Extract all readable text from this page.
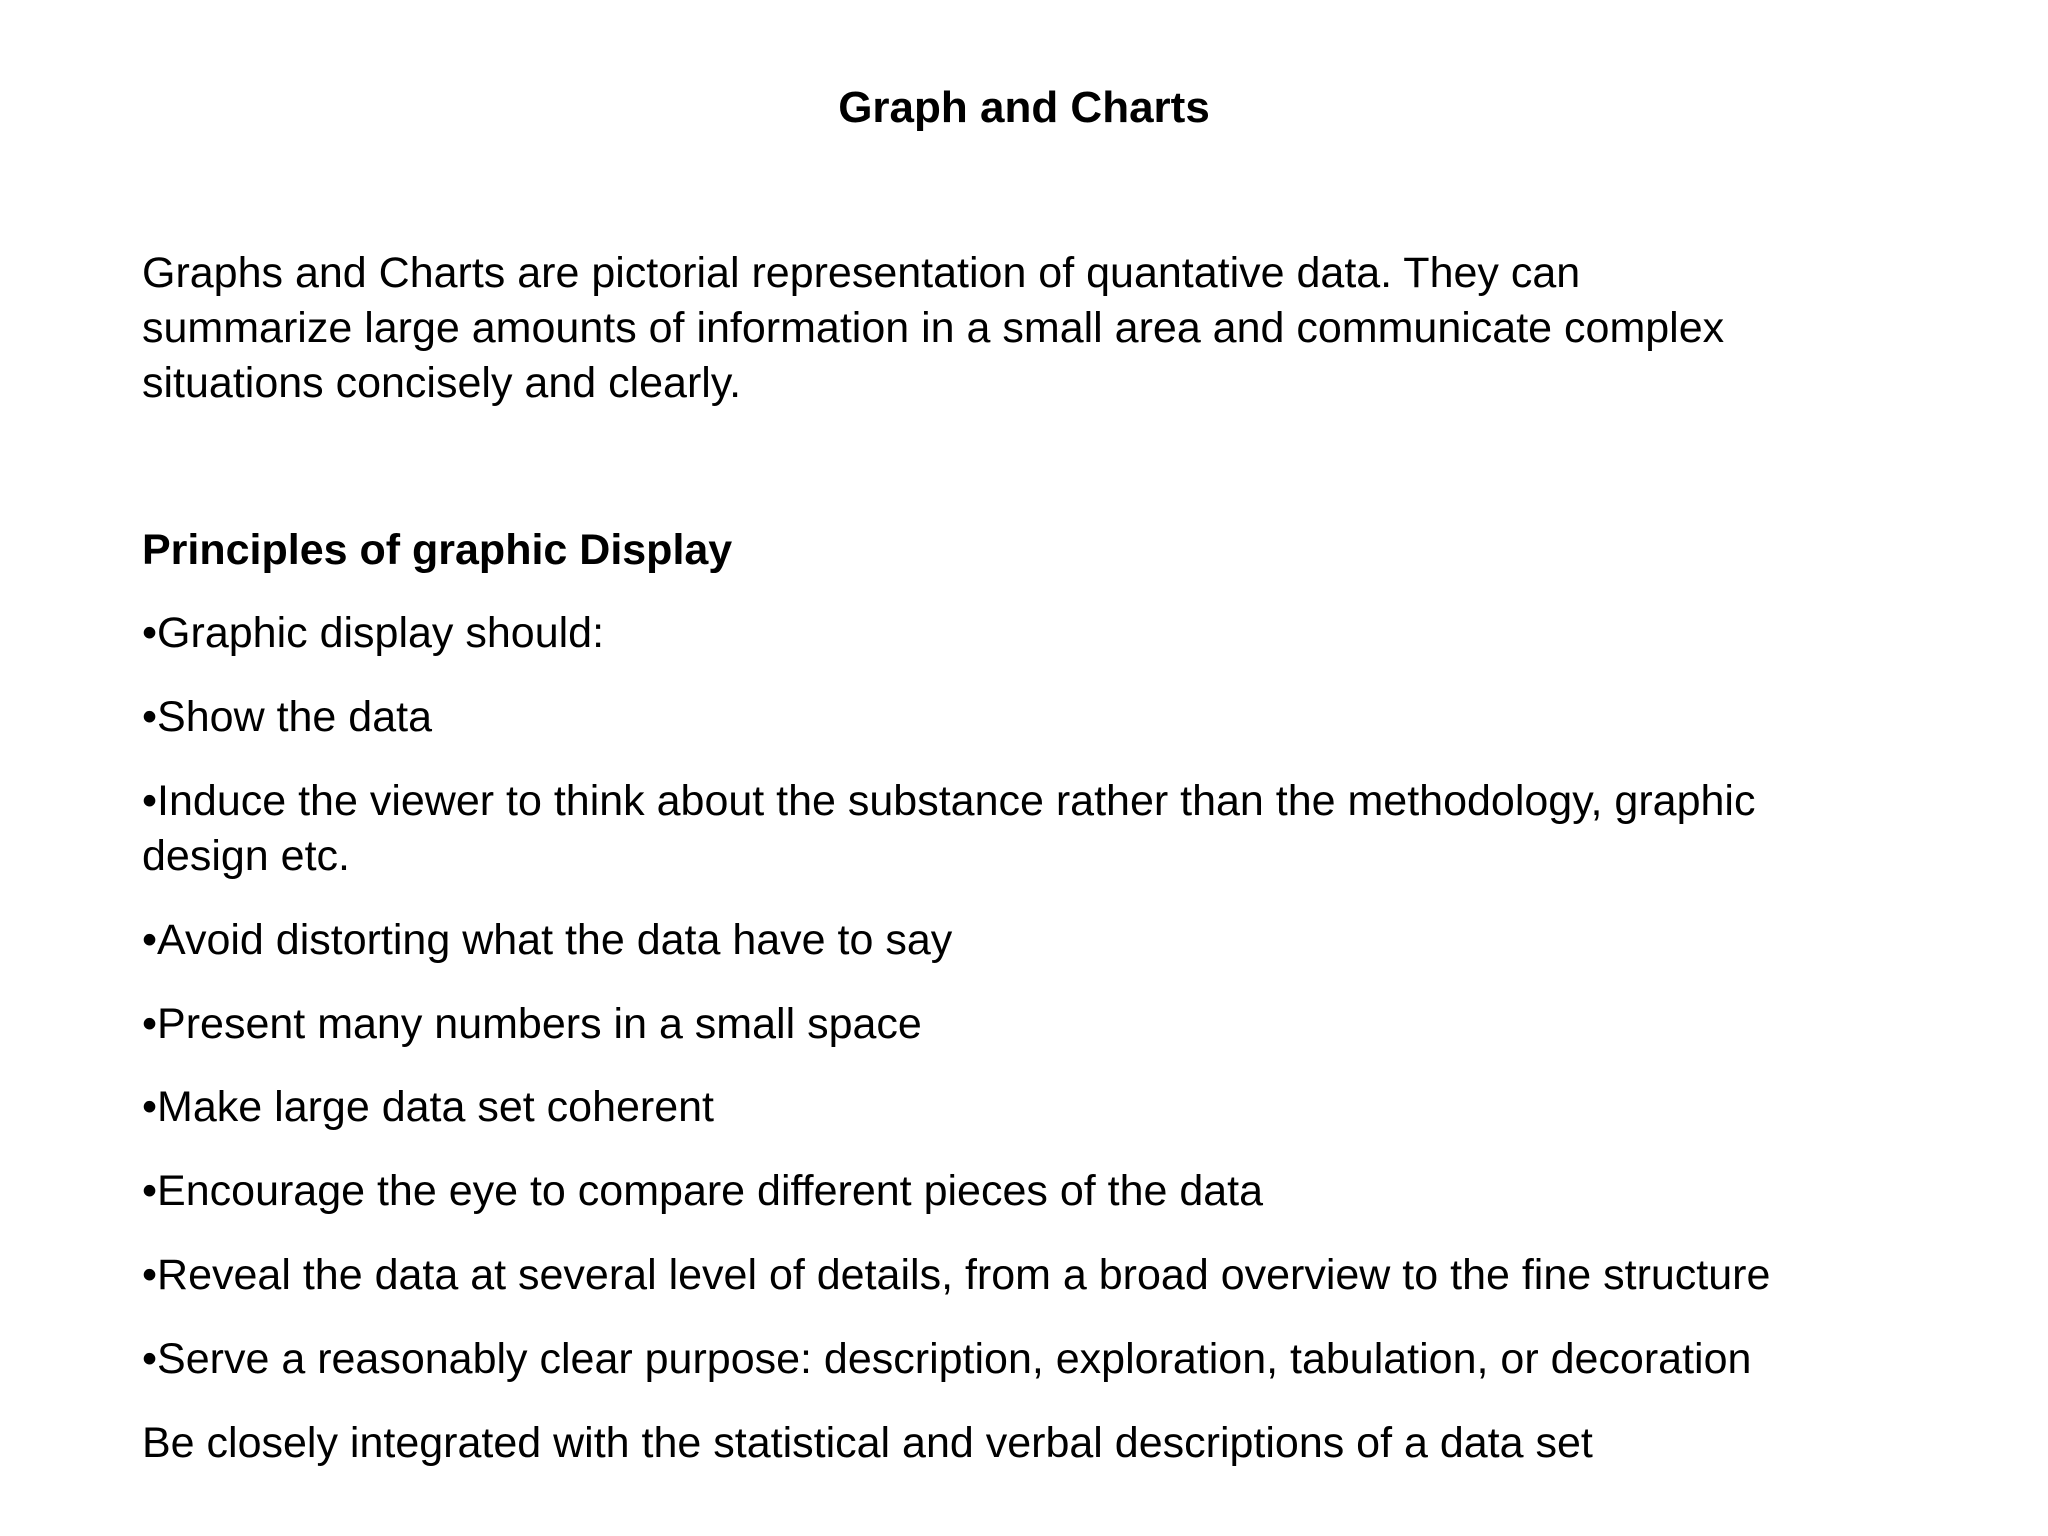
Graph and Charts

Graphs and Charts are pictorial representation of quantative data. They can
summarize large amounts of information in a small area and communicate complex
situations concisely and clearly.

Principles of graphic Display
•Graphic display should:
•Show the data
•Induce the viewer to think about the substance rather than the methodology, graphic
design etc.
•Avoid distorting what the data have to say
•Present many numbers in a small space
•Make large data set coherent
•Encourage the eye to compare different pieces of the data
•Reveal the data at several level of details, from a broad overview to the fine structure
•Serve a reasonably clear purpose: description, exploration, tabulation, or decoration
Be closely integrated with the statistical and verbal descriptions of a data set
